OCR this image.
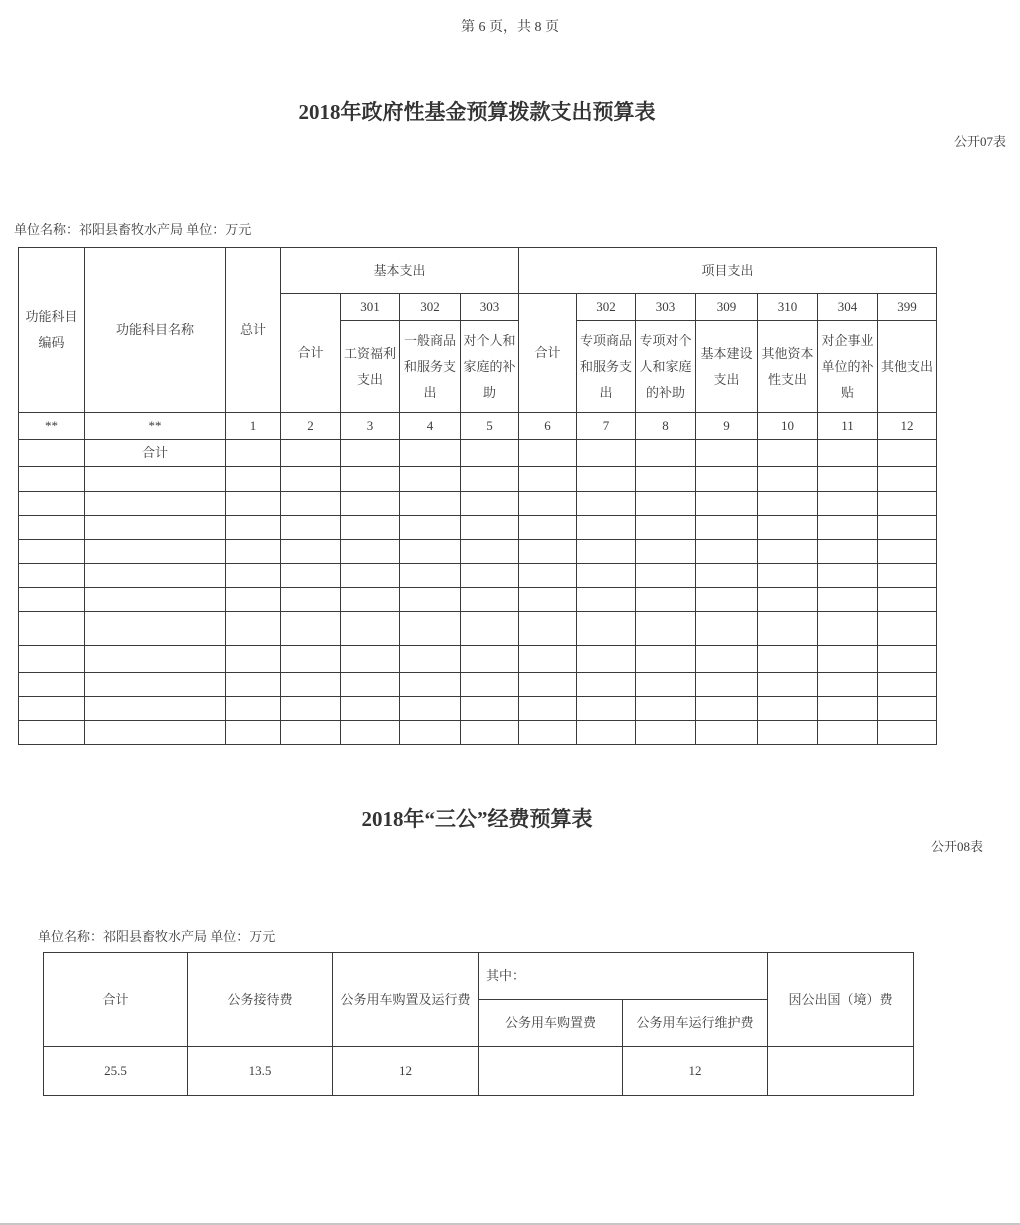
第 6 页，共 8 页
2018年政府性基金预算拨款支出预算表
公开07表
单位名称：祁阳县畜牧水产局 单位：万元
功能科目编码	功能科目名称	总计	基本支出				项目支出						
			合计	301	302	303	合计	302	303	309	310	304	399
				工资福利支出	一般商品和服务支出	对个人和家庭的补助		专项商品和服务支出	专项对个人和家庭的补助	基本建设支出	其他资本性支出	对企事业单位的补贴	其他支出
**	**	1	2	3	4	5	6	7	8	9	10	11	12
	合计												

2018年“三公”经费预算表
公开08表
单位名称：祁阳县畜牧水产局 单位：万元
合计	公务接待费	公务用车购置及运行费	其中：		因公出国（境）费
			公务用车购置费	公务用车运行维护费	
25.5	13.5	12		12	
